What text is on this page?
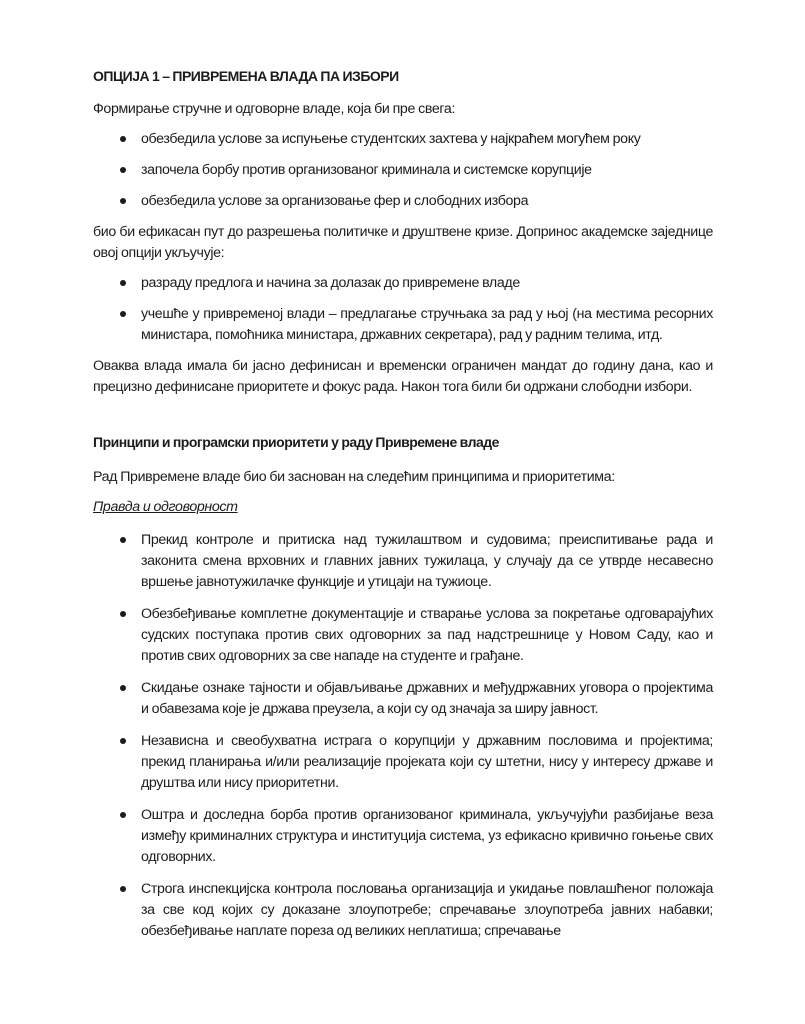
ОПЦИЈА 1 – ПРИВРЕМЕНА ВЛАДА ПА ИЗБОРИ

Формирање стручне и одговорне владе, која би пре свега:

обезбедила услове за испуњење студентских захтева у најкраћем могућем року
започела борбу против организованог криминала и системске корупције
обезбедила услове за организовање фер и слободних избора

био би ефикасан пут до разрешења политичке и друштвене кризе. Допринос академске заједнице овој опцији укључује:

разраду предлога и начина за долазак до привремене владе
учешће у привременој влади – предлагање стручњака за рад у њој (на местима ресорних министара, помоћника министара, државних секретара), рад у радним телима, итд.

Оваква влада имала би јасно дефинисан и временски ограничен мандат до годину дана, као и прецизно дефинисане приоритете и фокус рада. Након тога били би одржани слободни избори.

Принципи и програмски приоритети у раду Привремене владе

Рад Привремене владе био би заснован на следећим принципима и приоритетима:

Правда и одговорност
Прекид контроле и притиска над тужилаштвом и судовима; преиспитивање рада и законита смена врховних и главних јавних тужилаца, у случају да се утврде несавесно вршење јавнотужилачке функције и утицаји на тужиоце.
Обезбеђивање комплетне документације и стварање услова за покретање одговарајућих судских поступака против свих одговорних за пад надстрешнице у Новом Саду, као и против свих одговорних за све нападе на студенте и грађане.
Скидање ознаке тајности и објављивање државних и међудржавних уговора о пројектима и обавезама које је држава преузела, а који су од значаја за ширу јавност.
Независна и свеобухватна истрага о корупцији у државним пословима и пројектима; прекид планирања и/или реализације пројеката који су штетни, нису у интересу државе и друштва или нису приоритетни.
Оштра и доследна борба против организованог криминала, укључујући разбијање веза између криминалних структура и институција система, уз ефикасно кривично гоњење свих одговорних.
Строга инспекцијска контрола пословања организација и укидање повлашћеног положаја за све код којих су доказане злоупотребе; спречавање злоупотреба јавних набавки; обезбеђивање наплате пореза од великих неплатиша; спречавање
